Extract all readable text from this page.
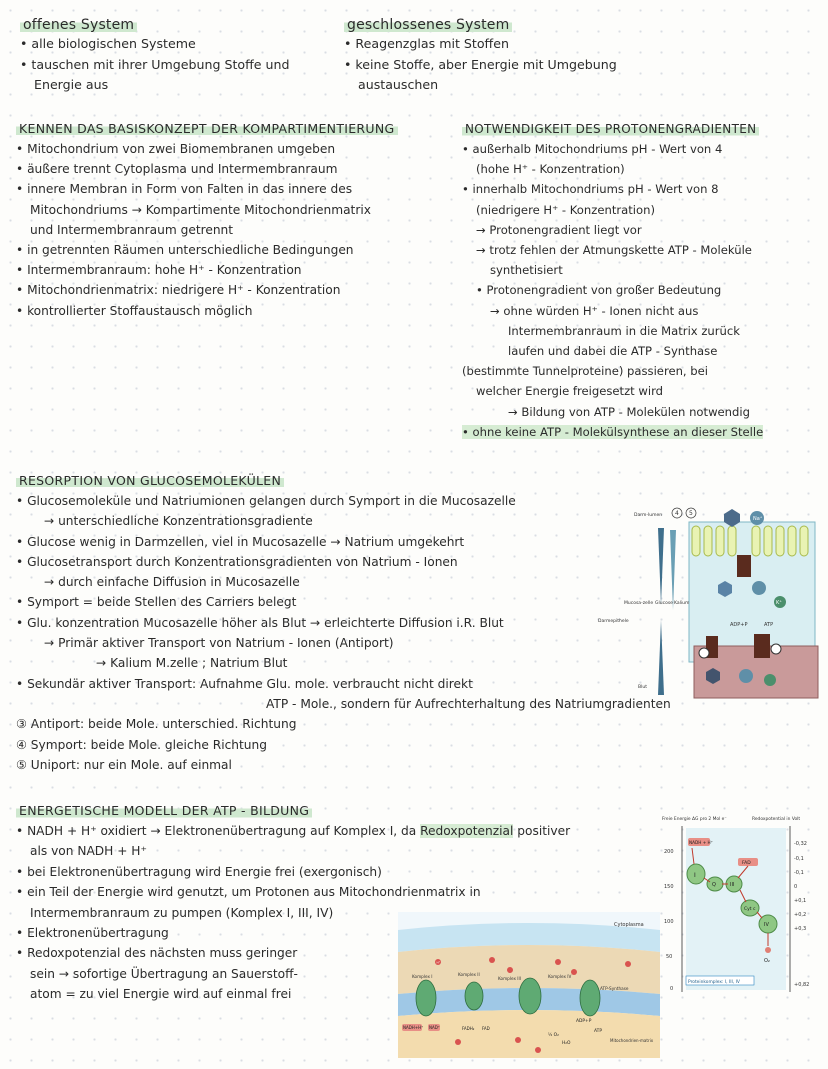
offenes System
• alle biologischen Systeme
• tauschen mit ihrer Umgebung Stoffe und
Energie aus
geschlossenes System
• Reagenzglas mit Stoffen
• keine Stoffe, aber Energie mit Umgebung
austauschen
KENNEN DAS BASISKONZEPT DER KOMPARTIMENTIERUNG
• Mitochondrium von zwei Biomembranen umgeben
• äußere trennt Cytoplasma und Intermembranraum
• innere Membran in Form von Falten in das innere des
Mitochondriums → Kompartimente Mitochondrienmatrix
und Intermembranraum getrennt
• in getrennten Räumen unterschiedliche Bedingungen
• Intermembranraum: hohe H⁺ - Konzentration
• Mitochondrienmatrix: niedrigere H⁺ - Konzentration
• kontrollierter Stoffaustausch möglich
NOTWENDIGKEIT DES PROTONENGRADIENTEN
• außerhalb Mitochondriums pH - Wert von 4
(hohe H⁺ - Konzentration)
• innerhalb Mitochondriums pH - Wert von 8
(niedrigere H⁺ - Konzentration)
→ Protonengradient liegt vor
→ trotz fehlen der Atmungskette ATP - Moleküle
synthetisiert
• Protonengradient von großer Bedeutung
→ ohne würden H⁺ - Ionen nicht aus
Intermembranraum in die Matrix zurück
laufen und dabei die ATP - Synthase
(bestimmte Tunnelproteine) passieren, bei
welcher Energie freigesetzt wird
→ Bildung von ATP - Molekülen notwendig
• ohne keine ATP - Molekülsynthese an dieser Stelle
RESORPTION VON GLUCOSEMOLEKÜLEN
• Glucosemoleküle und Natriumionen gelangen durch Symport in die Mucosazelle
→ unterschiedliche Konzentrationsgradiente
• Glucose wenig in Darmzellen, viel in Mucosazelle → Natrium umgekehrt
• Glucosetransport durch Konzentrationsgradienten von Natrium - Ionen
→ durch einfache Diffusion in Mucosazelle
• Symport = beide Stellen des Carriers belegt
• Glu. konzentration Mucosazelle höher als Blut → erleichterte Diffusion i.R. Blut
→ Primär aktiver Transport von Natrium - Ionen (Antiport)
→ Kalium M.zelle ; Natrium Blut
• Sekundär aktiver Transport: Aufnahme Glu. mole. verbraucht nicht direkt
ATP - Mole., sondern für Aufrechterhaltung des Natriumgradienten
③ Antiport: beide Mole. unterschied. Richtung
④ Symport: beide Mole. gleiche Richtung
⑤ Uniport: nur ein Mole. auf einmal
Darm-lumen 4 5
Mucosa-zelle Glucose Kalium
Darmepithele
Blut
Na⁺
K⁺
ADP+P	ATP
ENERGETISCHE MODELL DER ATP - BILDUNG
• NADH + H⁺ oxidiert → Elektronenübertragung auf Komplex I, da Redoxpotenzial positiver
als von NADH + H⁺
• bei Elektronenübertragung wird Energie frei (exergonisch)
• ein Teil der Energie wird genutzt, um Protonen aus Mitochondrienmatrix in
Intermembranraum zu pumpen (Komplex I, III, IV)
• Elektronenübertragung
• Redoxpotenzial des nächsten muss geringer
sein → sofortige Übertragung an Sauerstoff-
atom = zu viel Energie wird auf einmal frei
Freie Energie ΔG pro 2 Mol e⁻	Redoxpotential in Volt
200
150
100
50
0
-0,32
-0,1
-0,1
0
+0,1
+0,2
+0,3
+0,82
NADH + H⁺
FAD
I
Q	III
Cyt c
IV
O₂
Proteinkomplex: I, III, IV
Cytoplasma
Komplex I	Komplex II
Komplex III	Komplex IV
ATP-Synthase
NADH+H⁺ NAD⁺	FADH₂ FAD
½ O₂
H₂O
Mitochondrien-matrix
ADP+P
ATP
H⁺
